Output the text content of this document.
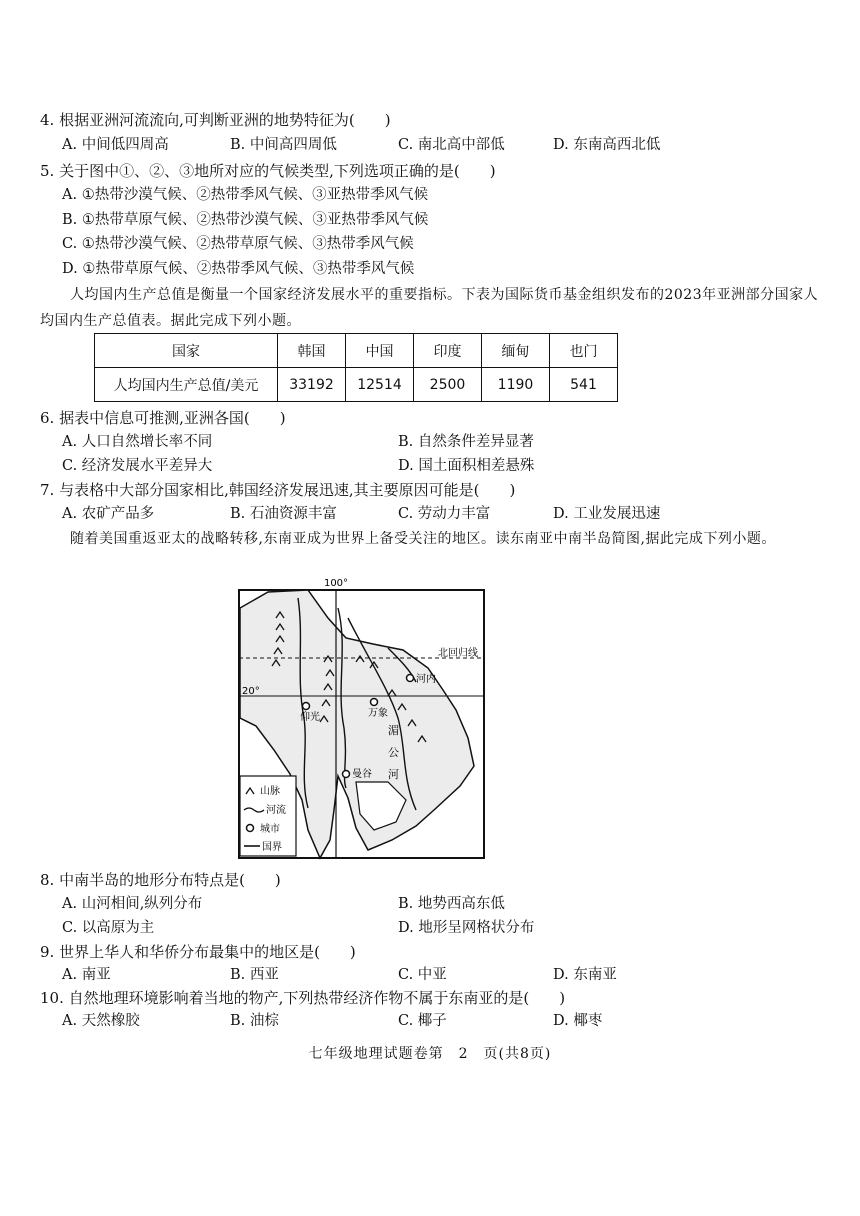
4. 根据亚洲河流流向,可判断亚洲的地势特征为(　　)
A. 中间低四周高	B. 中间高四周低	C. 南北高中部低	D. 东南高西北低
5. 关于图中①、②、③地所对应的气候类型,下列选项正确的是(　　)
A. ①热带沙漠气候、②热带季风气候、③亚热带季风气候
B. ①热带草原气候、②热带沙漠气候、③亚热带季风气候
C. ①热带沙漠气候、②热带草原气候、③热带季风气候
D. ①热带草原气候、②热带季风气候、③热带季风气候
人均国内生产总值是衡量一个国家经济发展水平的重要指标。下表为国际货币基金组织发布的2023年亚洲部分国家人均国内生产总值表。据此完成下列小题。
国家	韩国	中国	印度	缅甸	也门
人均国内生产总值/美元	33192	12514	2500	1190	541
6. 据表中信息可推测,亚洲各国(　　)
A. 人口自然增长率不同	B. 自然条件差异显著
C. 经济发展水平差异大	D. 国土面积相差悬殊
7. 与表格中大部分国家相比,韩国经济发展迅速,其主要原因可能是(　　)
A. 农矿产品多	B. 石油资源丰富	C. 劳动力丰富	D. 工业发展迅速
随着美国重返亚太的战略转移,东南亚成为世界上备受关注的地区。读东南亚中南半岛简图,据此完成下列小题。
100°
北回归线
20°
仰光	万象
曼谷
河内
湄
公
河
山脉
河流
城市
国界
8. 中南半岛的地形分布特点是(　　)
A. 山河相间,纵列分布	B. 地势西高东低
C. 以高原为主	D. 地形呈网格状分布
9. 世界上华人和华侨分布最集中的地区是(　　)
A. 南亚	B. 西亚	C. 中亚	D. 东南亚
10. 自然地理环境影响着当地的物产,下列热带经济作物不属于东南亚的是(　　)
A. 天然橡胶	B. 油棕	C. 椰子	D. 椰枣
七年级地理试题卷第　2　页(共8页)
